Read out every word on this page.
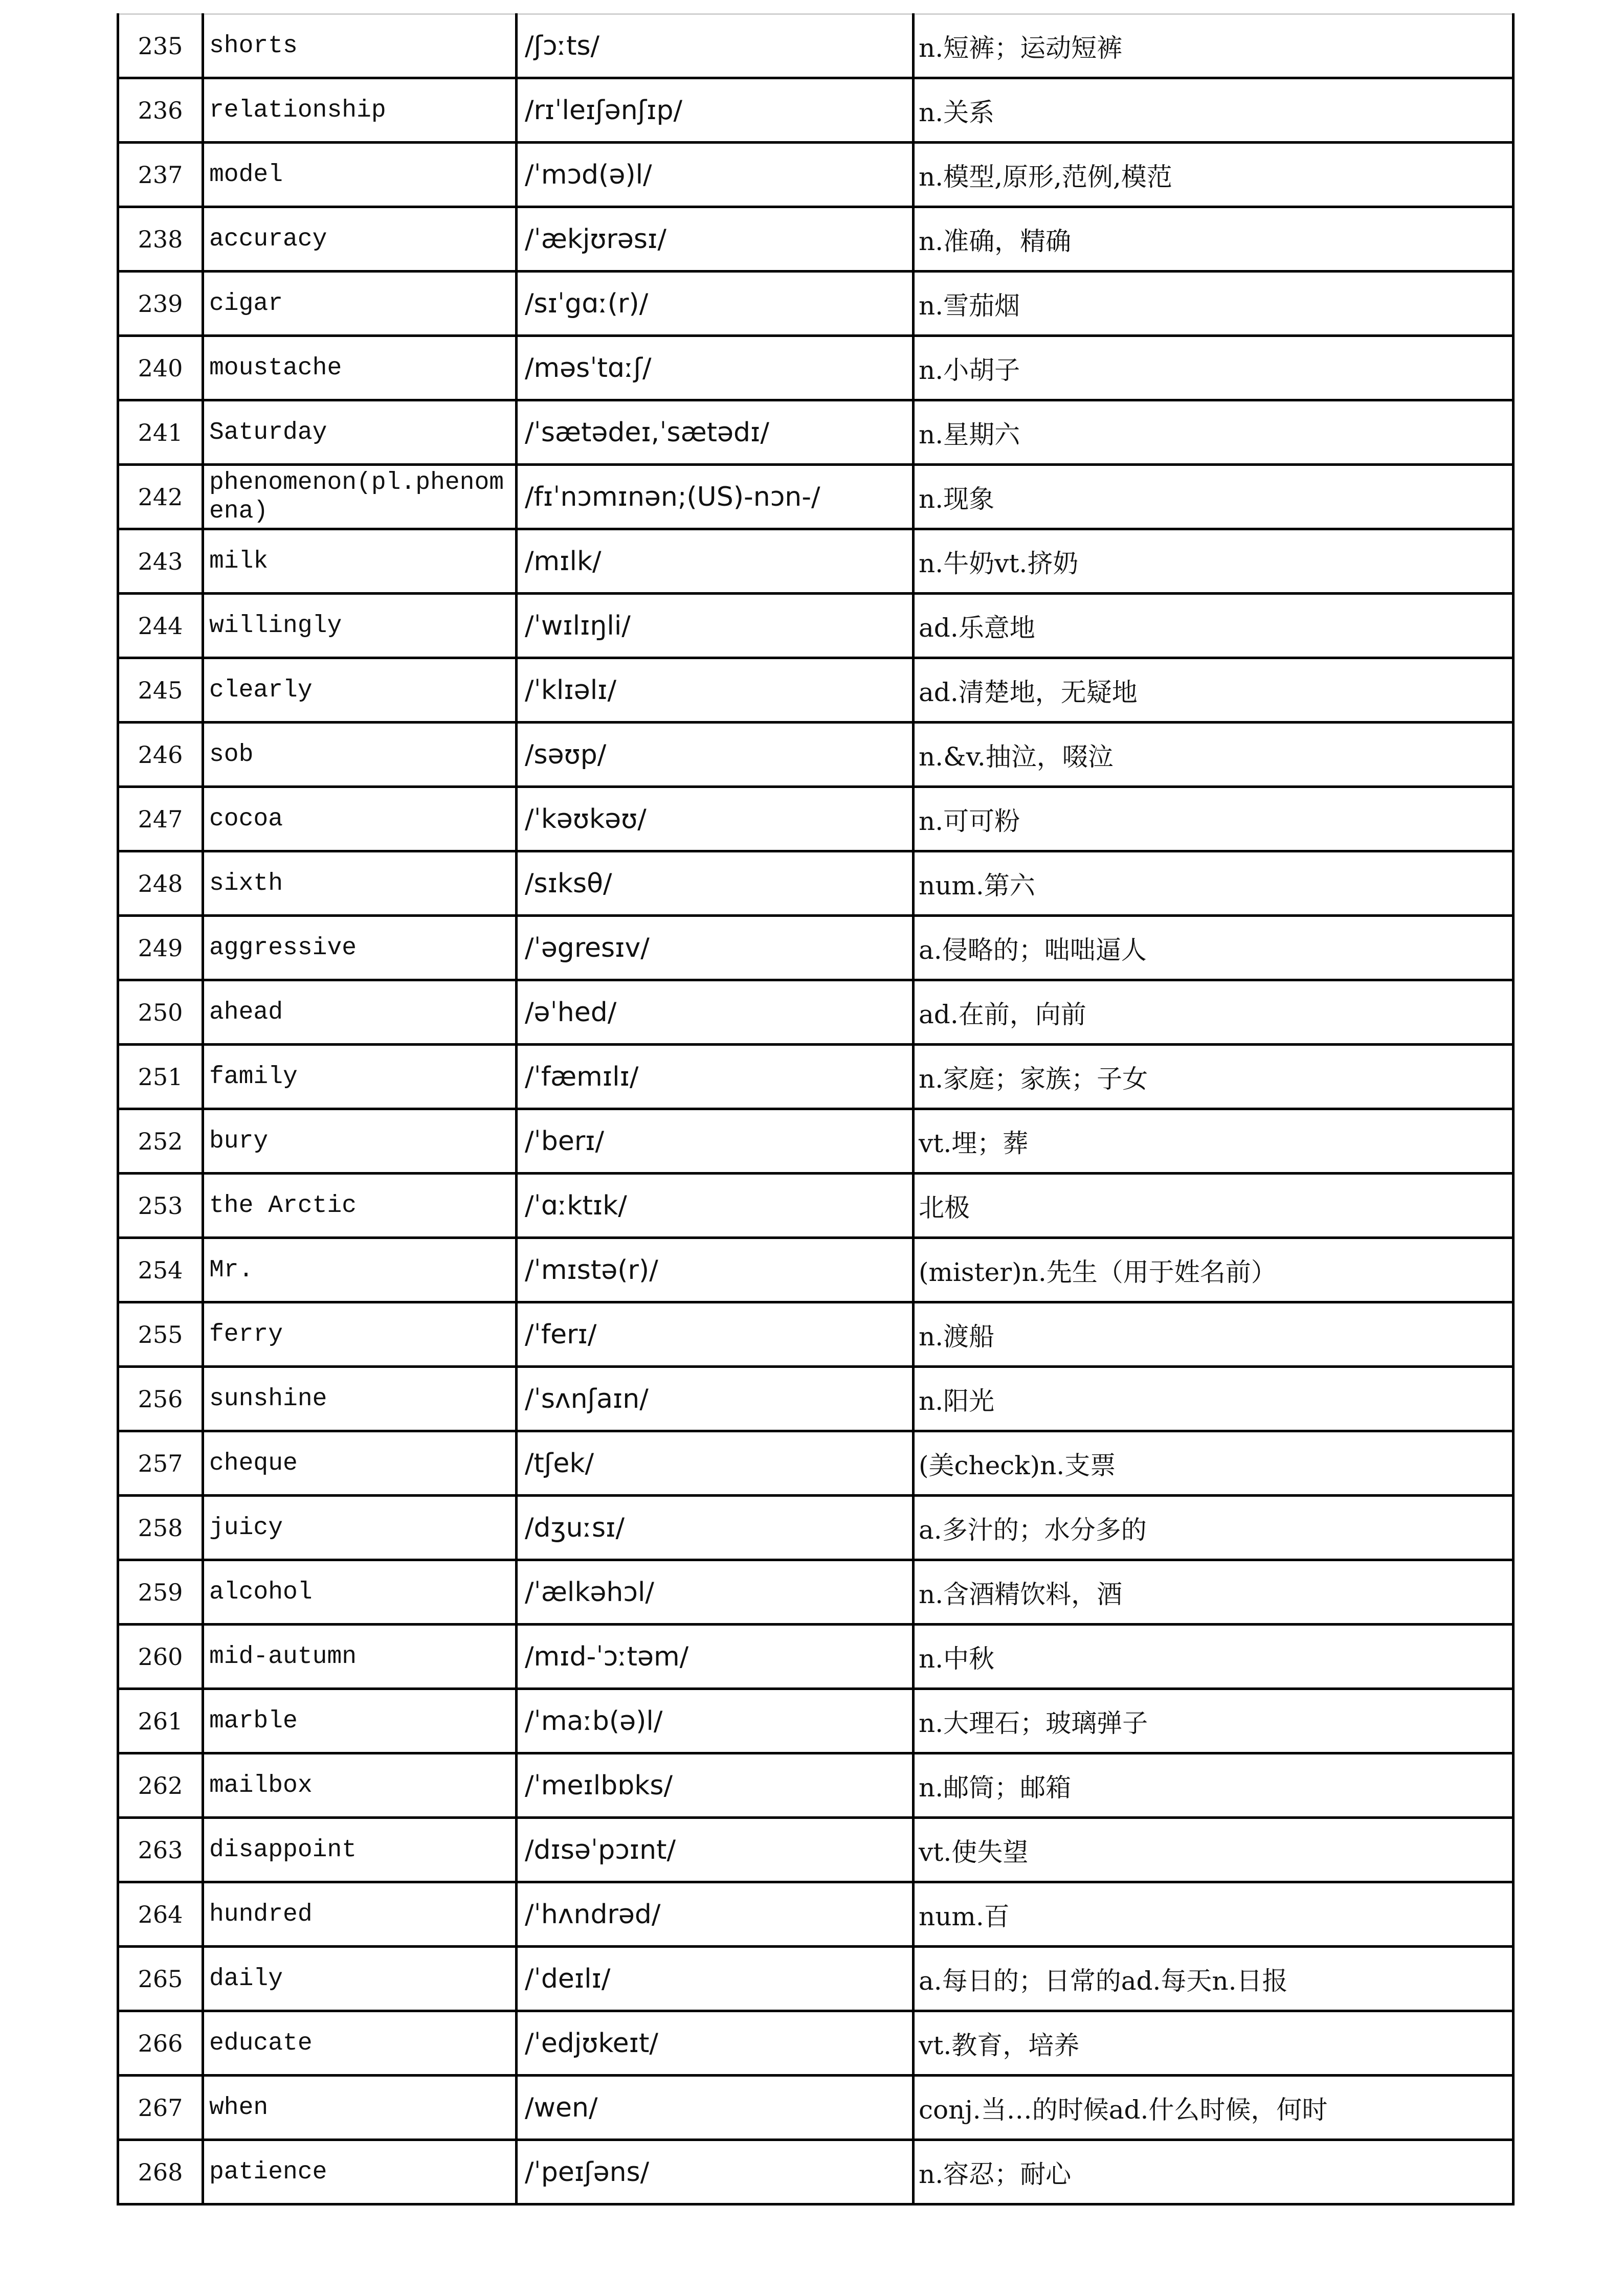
235	shorts	/ʃɔːts/	n.短裤；运动短裤
236	relationship	/rɪˈleɪʃənʃɪp/	n.关系
237	model	/ˈmɔd(ə)l/	n.模型,原形,范例,模范
238	accuracy	/ˈækjʊrəsɪ/	n.准确，精确
239	cigar	/sɪˈgɑː(r)/	n.雪茄烟
240	moustache	/məsˈtɑːʃ/	n.小胡子
241	Saturday	/ˈsætədeɪ,ˈsætədɪ/	n.星期六
242	phenomenon(pl.phenomena)	/fɪˈnɔmɪnən;(US)-nɔn-/	n.现象
243	milk	/mɪlk/	n.牛奶vt.挤奶
244	willingly	/ˈwɪlɪŋli/	ad.乐意地
245	clearly	/ˈklɪəlɪ/	ad.清楚地，无疑地
246	sob	/səʊp/	n.&v.抽泣，啜泣
247	cocoa	/ˈkəʊkəʊ/	n.可可粉
248	sixth	/sɪksθ/	num.第六
249	aggressive	/ˈəgresɪv/	a.侵略的；咄咄逼人
250	ahead	/əˈhed/	ad.在前，向前
251	family	/ˈfæmɪlɪ/	n.家庭；家族；子女
252	bury	/ˈberɪ/	vt.埋；葬
253	the Arctic	/ˈɑːktɪk/	北极
254	Mr.	/ˈmɪstə(r)/	(mister)n.先生（用于姓名前）
255	ferry	/ˈferɪ/	n.渡船
256	sunshine	/ˈsʌnʃaɪn/	n.阳光
257	cheque	/tʃek/	(美check)n.支票
258	juicy	/dʒuːsɪ/	a.多汁的；水分多的
259	alcohol	/ˈælkəhɔl/	n.含酒精饮料，酒
260	mid-autumn	/mɪd-ˈɔːtəm/	n.中秋
261	marble	/ˈmaːb(ə)l/	n.大理石；玻璃弹子
262	mailbox	/ˈmeɪlbɒks/	n.邮筒；邮箱
263	disappoint	/dɪsəˈpɔɪnt/	vt.使失望
264	hundred	/ˈhʌndrəd/	num.百
265	daily	/ˈdeɪlɪ/	a.每日的；日常的ad.每天n.日报
266	educate	/ˈedjʊkeɪt/	vt.教育，培养
267	when	/wen/	conj.当…的时候ad.什么时候，何时
268	patience	/ˈpeɪʃəns/	n.容忍；耐心
